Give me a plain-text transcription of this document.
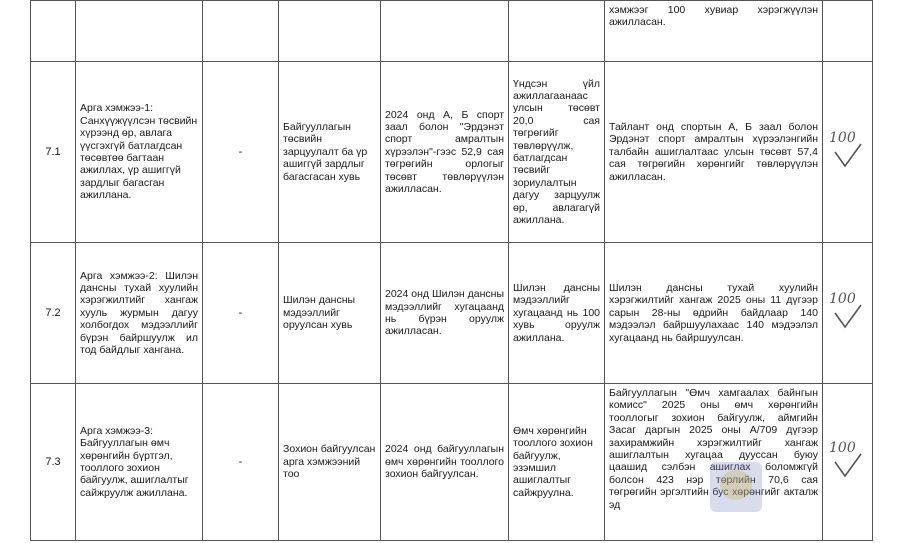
						хэмжээг 100 хувиар хэрэгжүүлэн ажилласан.	
7.1	Арга хэмжээ-1: Санхүүжүүлсэн төсвийн хүрээнд өр, авлага үүсгэхгүй батлагдсан төсөвтөө багтаан ажиллах, үр ашиггүй зардлыг багасган ажиллана.	-	Байгууллагын төсвийн зарцуулалт ба үр ашиггүй зардлыг багасгасан хувь	2024 онд А, Б спорт заал болон "Эрдэнэт спорт амралтын хүрээлэн"-гээс 52,9 сая төгрөгийн орлогыг төсөвт төвлөрүүлэн ажилласан.	Үндсэн үйл ажиллагаанаас улсын төсөвт 20,0 сая төгрөгийг төвлөрүүлж, батлагдсан төсвийг зориулалтын дагуу зарцуулж өр, авлагагүй ажиллана.	Тайлант онд спортын А, Б заал болон Эрдэнэт спорт амралтын хүрээлэнгийн талбайн ашиглалтаас улсын төсөвт 57,4 сая төгрөгийн хөрөнгийг төвлөрүүлэн ажилласан.	100

7.2	Арга хэмжээ-2: Шилэн дансны тухай хуулийн хэрэгжилтийг хангаж хууль журмын дагуу холбогдох мэдээллийг бүрэн байршуулж ил тод байдлыг хангана.	-	Шилэн дансны мэдээллийг оруулсан хувь	2024 онд Шилэн дансны мэдээллийг хугацаанд нь бүрэн оруулж ажилласан.	Шилэн дансны мэдээллийг хугацаанд нь 100 хувь оруулж ажиллана.	Шилэн дансны тухай хуулийн хэрэгжилтийг хангаж 2025 оны 11 дүгээр сарын 28-ны өдрийн байдлаар 140 мэдээлэл байршуулахаас 140 мэдээлэл хугацаанд нь байршуулсан.	100

7.3	Арга хэмжээ-3: Байгууллагын өмч хөрөнгийн бүртгэл, тооллого зохион байгуулж, ашиглалтыг сайжруулж ажиллана.	-	Зохион байгуулсан арга хэмжээний тоо	2024 онд байгууллагын өмч хөрөнгийн тооллого зохион байгуулсан.	Өмч хөрөнгийн тооллого зохион байгуулж, эзэмшил ашиглалтыг сайжруулна.	Байгууллагын "Өмч хамгаалах байнгын комисс" 2025 оны өмч хөрөнгийн тооллогыг зохион байгуулж, аймгийн Засаг даргын 2025 оны А/709 дүгээр захирамжийн хэрэгжилтийг хангаж ашиглалтын хугацаа дууссан буюу цаашид сэлбэн ашиглах боломжгүй болсон 423 нэр төрлийн 70,6 сая төгрөгийн эргэлтийн бус хөрөнгийг акталж эд	100
